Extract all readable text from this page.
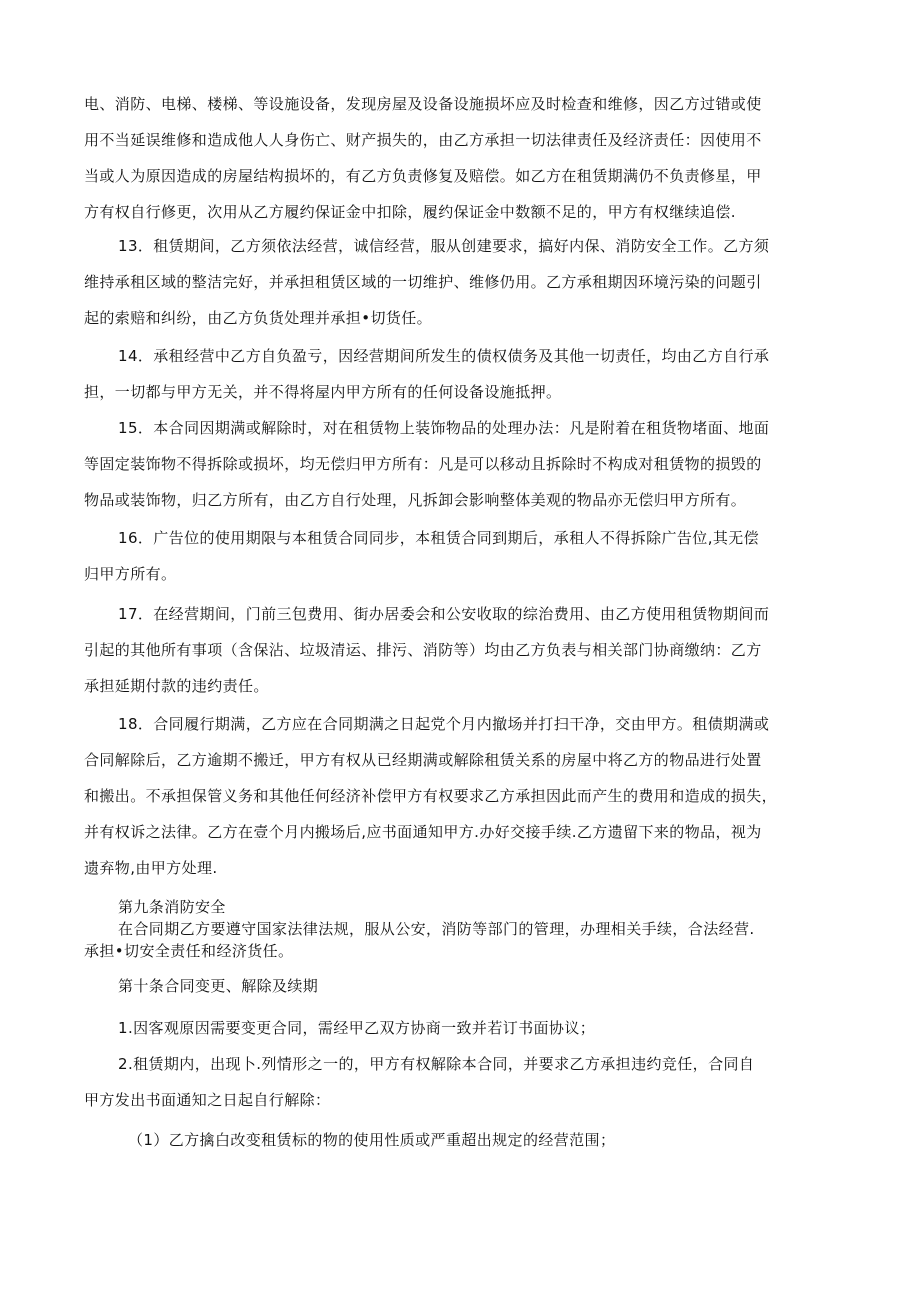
电、消防、电梯、楼梯、等设施设备，发现房屋及设备设施损坏应及时检查和维修，因乙方过错或使

用不当延误维修和造成他人人身伤亡、财产损失的，由乙方承担一切法律责任及经济责任：因使用不

当或人为原因造成的房屋结构损坏的，有乙方负责修复及赔偿。如乙方在租赁期满仍不负责修星，甲

方有权自行修更，次用从乙方履约保证金中扣除，履约保证金中数额不足的，甲方有权继续追偿.

13．租赁期间，乙方须依法经营，诚信经营，服从创建要求，搞好内保、消防安全工作。乙方须

维持承租区域的整洁完好，并承担租赁区域的一切维护、维修仍用。乙方承租期因环境污染的问题引

起的索赔和纠纷，由乙方负货处理并承担•切货任。

14．承租经营中乙方自负盈亏，因经营期间所发生的债权债务及其他一切责任，均由乙方自行承

担，一切都与甲方无关，并不得将屋内甲方所有的任何设备设施抵押。

15．本合同因期满或解除时，对在租赁物上装饰物品的处理办法：凡是附着在租货物堵面、地面

等固定装饰物不得拆除或损坏，均无偿归甲方所有：凡是可以移动且拆除时不构成对租赁物的损毁的

物品或装饰物，归乙方所有，由乙方自行处理，凡拆卸会影响整体美观的物品亦无偿归甲方所有。

16．广告位的使用期限与本租赁合同同步，本租赁合同到期后，承租人不得拆除广告位,其无偿

归甲方所有。

17．在经营期间，门前三包费用、街办居委会和公安收取的综治费用、由乙方使用租赁物期间而

引起的其他所有事项（含保沾、垃圾清运、排污、消防等）均由乙方负表与相关部门协商缴纳：乙方

承担延期付款的违约责任。

18．合同履行期满，乙方应在合同期满之日起党个月内撤场并打扫干净，交由甲方。租债期满或

合同解除后，乙方逾期不搬迁，甲方有权从已经期满或解除租赁关系的房屋中将乙方的物品进行处置

和搬出。不承担保管义务和其他任何经济补偿甲方有权要求乙方承担因此而产生的费用和造成的损失，

并有权诉之法律。乙方在壹个月内搬场后,应书面通知甲方.办好交接手续.乙方遗留下来的物品，视为

遗弃物,由甲方处理.

第九条消防安全

在合同期乙方要遵守国家法律法规，服从公安，消防等部门的管理，办理相关手续，合法经营.

承担•切安全责任和经济货任。

第十条合同变更、解除及续期

1.因客观原因需要变更合同，需经甲乙双方协商一致并若订书面协议；

2.租赁期内，出现卜.列情形之一的，甲方有权解除本合同，并要求乙方承担违约竞任，合同自

甲方发出书面通知之日起自行解除：

（1）乙方擒白改变租赁标的物的使用性质或严重超出规定的经营范围；
